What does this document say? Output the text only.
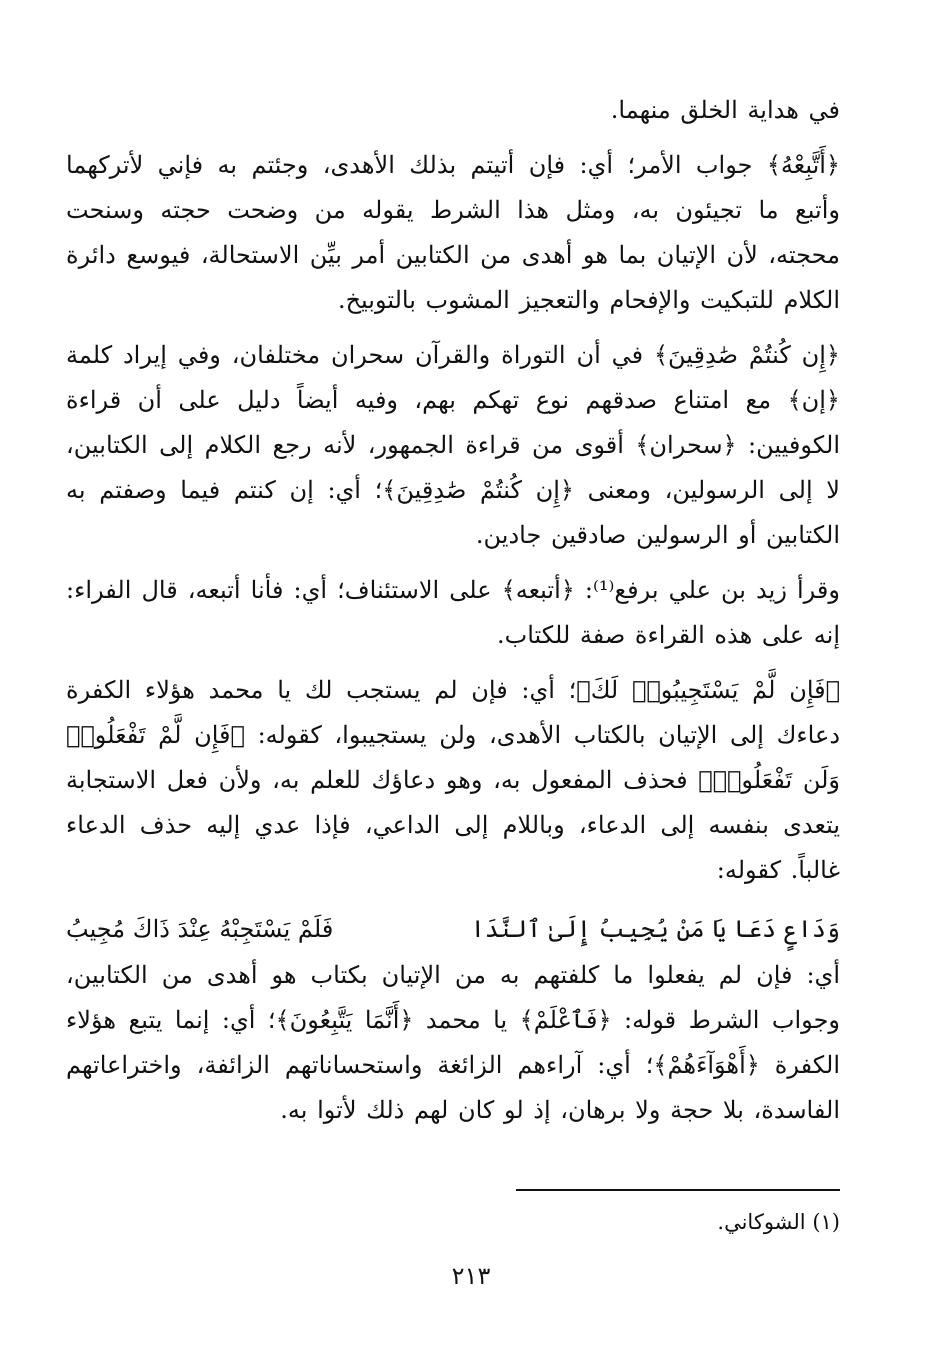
في هداية الخلق منهما.

﴿أَتَّبِعْهُ﴾ جواب الأمر؛ أي: فإن أتيتم بذلك الأهدى، وجئتم به فإني لأتركهما وأتبع ما تجيئون به، ومثل هذا الشرط يقوله من وضحت حجته وسنحت محجته، لأن الإتيان بما هو أهدى من الكتابين أمر بيِّن الاستحالة، فيوسع دائرة الكلام للتبكيت والإفحام والتعجيز المشوب بالتوبيخ.

﴿إِن كُنتُمْ صَٰدِقِينَ﴾ في أن التوراة والقرآن سحران مختلفان، وفي إيراد كلمة ﴿إن﴾ مع امتناع صدقهم نوع تهكم بهم، وفيه أيضاً دليل على أن قراءة الكوفيين: ﴿سحران﴾ أقوى من قراءة الجمهور، لأنه رجع الكلام إلى الكتابين، لا إلى الرسولين، ومعنى ﴿إِن كُنتُمْ صَٰدِقِينَ﴾؛ أي: إن كنتم فيما وصفتم به الكتابين أو الرسولين صادقين جادين.

وقرأ زيد بن علي برفع⁽¹⁾: ﴿أتبعه﴾ على الاستئناف؛ أي: فأنا أتبعه، قال الفراء: إنه على هذه القراءة صفة للكتاب.

﴿فَإِن لَّمْ يَسْتَجِيبُوا۟ لَكَ﴾؛ أي: فإن لم يستجب لك يا محمد هؤلاء الكفرة دعاءك إلى الإتيان بالكتاب الأهدى، ولن يستجيبوا، كقوله: ﴿فَإِن لَّمْ تَفْعَلُوا۟ وَلَن تَفْعَلُوا۟﴾ فحذف المفعول به، وهو دعاؤك للعلم به، ولأن فعل الاستجابة يتعدى بنفسه إلى الدعاء، وباللام إلى الداعي، فإذا عدي إليه حذف الدعاء غالباً. كقوله:

وَدَاعٍ دَعَا يَا مَنْ يُجِيبُ إِلَىٰ ٱلنَّدَا
فَلَمْ يَسْتَجِبْهُ عِنْدَ ذَاكَ مُجِيبُ

أي: فإن لم يفعلوا ما كلفتهم به من الإتيان بكتاب هو أهدى من الكتابين، وجواب الشرط قوله: ﴿فَٱعْلَمْ﴾ يا محمد ﴿أَنَّمَا يَتَّبِعُونَ﴾؛ أي: إنما يتبع هؤلاء الكفرة ﴿أَهْوَآءَهُمْ﴾؛ أي: آراءهم الزائغة واستحساناتهم الزائفة، واختراعاتهم الفاسدة، بلا حجة ولا برهان، إذ لو كان لهم ذلك لأتوا به.

(١) الشوكاني.
٢١٣
